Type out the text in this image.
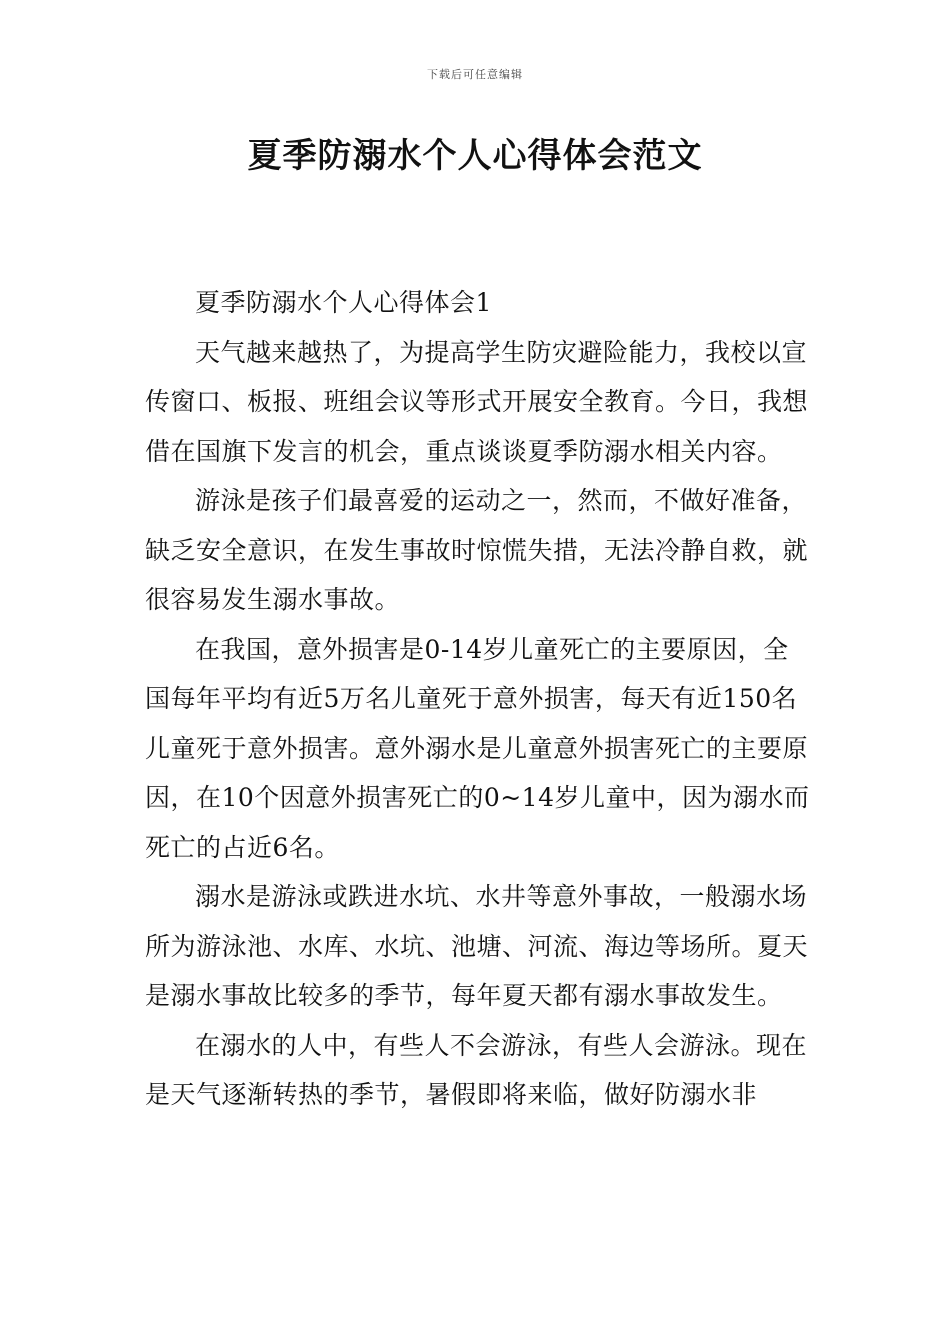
下载后可任意编辑
夏季防溺水个人心得体会范文

夏季防溺水个人心得体会1

天气越来越热了，为提高学生防灾避险能力，我校以宣传窗口、板报、班组会议等形式开展安全教育。今日，我想借在国旗下发言的机会，重点谈谈夏季防溺水相关内容。

游泳是孩子们最喜爱的运动之一，然而，不做好准备，缺乏安全意识，在发生事故时惊慌失措，无法冷静自救，就很容易发生溺水事故。

在我国，意外损害是0-14岁儿童死亡的主要原因，全国每年平均有近5万名儿童死于意外损害，每天有近150名儿童死于意外损害。意外溺水是儿童意外损害死亡的主要原因，在10个因意外损害死亡的0~14岁儿童中，因为溺水而死亡的占近6名。

溺水是游泳或跌进水坑、水井等意外事故，一般溺水场所为游泳池、水库、水坑、池塘、河流、海边等场所。夏天是溺水事故比较多的季节，每年夏天都有溺水事故发生。

在溺水的人中，有些人不会游泳，有些人会游泳。现在是天气逐渐转热的季节，暑假即将来临，做好防溺水非
